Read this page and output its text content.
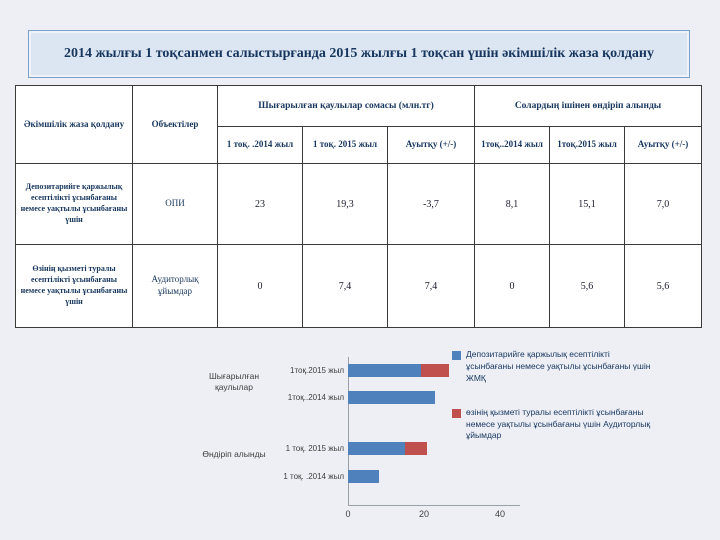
2014 жылғы 1 тоқсанмен салыстырғанда 2015 жылғы 1 тоқсан үшін әкімшілік жаза қолдану
Әкімшілік жаза қолдану	Объектілер	Шығарылған қаулылар сомасы (млн.тг)			Солардың ішінен өндіріп алынды		
		1 тоқ. .2014 жыл	1 тоқ. 2015 жыл	Ауытқу (+/-)	1тоқ..2014 жыл	1тоқ.2015 жыл	Ауытқу (+/-)
Депозитарийге қаржылық есептілікті ұсынбағаны немесе уақтылы ұсынбағаны үшін	ОПИ	23	19,3	-3,7	8,1	15,1	7,0
Өзінің қызметі туралы есептілікті ұсынбағаны немесе уақтылы ұсынбағаны үшін	Аудиторлық ұйымдар	0	7,4	7,4	0	5,6	5,6
Шығарылған қаулылар
1тоқ.2015 жыл
1тоқ..2014 жыл
Өндіріп алынды
1 тоқ. 2015 жыл
1 тоқ. .2014 жыл
0	20	40
Депозитарийге қаржылық есептілікті ұсынбағаны немесе уақтылы ұсынбағаны үшін ЖМҚ
өзінің қызметі туралы есептілікті ұсынбағаны немесе уақтылы ұсынбағаны үшін Аудиторлық ұйымдар
